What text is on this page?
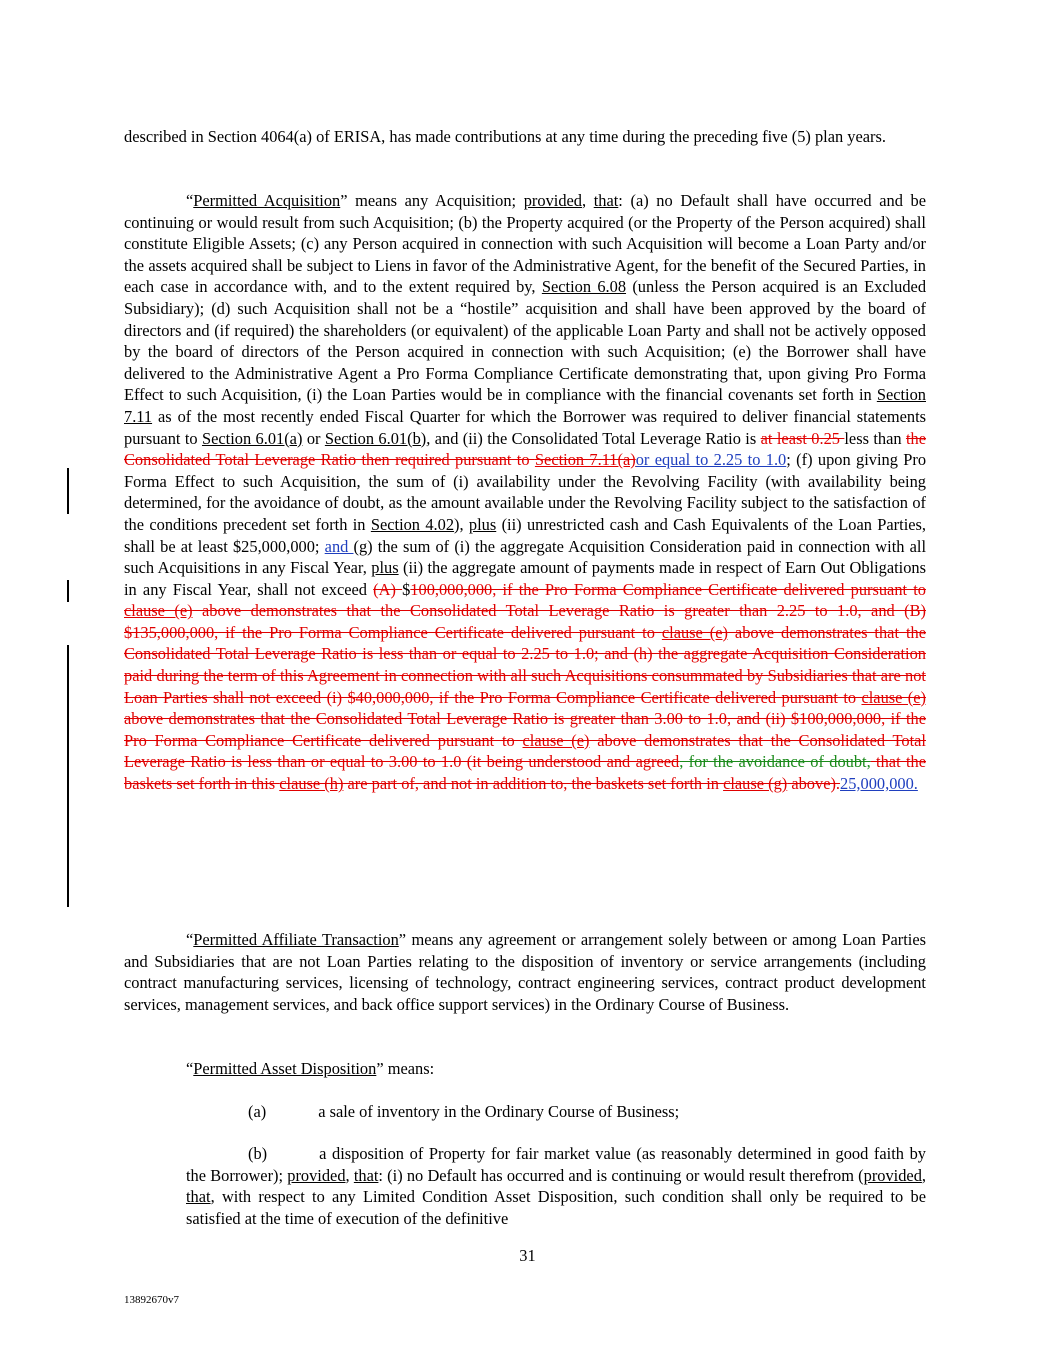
described in Section 4064(a) of ERISA, has made contributions at any time during the preceding five (5) plan years.

“Permitted Acquisition” means any Acquisition; provided, that: (a) no Default shall have occurred and be continuing or would result from such Acquisition; (b) the Property acquired (or the Property of the Person acquired) shall constitute Eligible Assets; (c) any Person acquired in connection with such Acquisition will become a Loan Party and/or the assets acquired shall be subject to Liens in favor of the Administrative Agent, for the benefit of the Secured Parties, in each case in accordance with, and to the extent required by, Section 6.08 (unless the Person acquired is an Excluded Subsidiary); (d) such Acquisition shall not be a “hostile” acquisition and shall have been approved by the board of directors and (if required) the shareholders (or equivalent) of the applicable Loan Party and shall not be actively opposed by the board of directors of the Person acquired in connection with such Acquisition; (e) the Borrower shall have delivered to the Administrative Agent a Pro Forma Compliance Certificate demonstrating that, upon giving Pro Forma Effect to such Acquisition, (i) the Loan Parties would be in compliance with the financial covenants set forth in Section 7.11 as of the most recently ended Fiscal Quarter for which the Borrower was required to deliver financial statements pursuant to Section 6.01(a) or Section 6.01(b), and (ii) the Consolidated Total Leverage Ratio is at least 0.25 less than the Consolidated Total Leverage Ratio then required pursuant to Section 7.11(a)or equal to 2.25 to 1.0; (f) upon giving Pro Forma Effect to such Acquisition, the sum of (i) availability under the Revolving Facility (with availability being determined, for the avoidance of doubt, as the amount available under the Revolving Facility subject to the satisfaction of the conditions precedent set forth in Section 4.02), plus (ii) unrestricted cash and Cash Equivalents of the Loan Parties, shall be at least $25,000,000; and (g) the sum of (i) the aggregate Acquisition Consideration paid in connection with all such Acquisitions in any Fiscal Year, plus (ii) the aggregate amount of payments made in respect of Earn Out Obligations in any Fiscal Year, shall not exceed (A) $100,000,000, if the Pro Forma Compliance Certificate delivered pursuant to clause (e) above demonstrates that the Consolidated Total Leverage Ratio is greater than 2.25 to 1.0, and (B) $135,000,000, if the Pro Forma Compliance Certificate delivered pursuant to clause (e) above demonstrates that the Consolidated Total Leverage Ratio is less than or equal to 2.25 to 1.0; and (h) the aggregate Acquisition Consideration paid during the term of this Agreement in connection with all such Acquisitions consummated by Subsidiaries that are not Loan Parties shall not exceed (i) $40,000,000, if the Pro Forma Compliance Certificate delivered pursuant to clause (e) above demonstrates that the Consolidated Total Leverage Ratio is greater than 3.00 to 1.0, and (ii) $100,000,000, if the Pro Forma Compliance Certificate delivered pursuant to clause (e) above demonstrates that the Consolidated Total Leverage Ratio is less than or equal to 3.00 to 1.0 (it being understood and agreed, for the avoidance of doubt, that the baskets set forth in this clause (h) are part of, and not in addition to, the baskets set forth in clause (g) above).25,000,000.

“Permitted Affiliate Transaction” means any agreement or arrangement solely between or among Loan Parties and Subsidiaries that are not Loan Parties relating to the disposition of inventory or service arrangements (including contract manufacturing services, licensing of technology, contract engineering services, contract product development services, management services, and back office support services) in the Ordinary Course of Business.

“Permitted Asset Disposition” means:

(a)	a sale of inventory in the Ordinary Course of Business;

(b)	a disposition of Property for fair market value (as reasonably determined in good faith by the Borrower); provided, that: (i) no Default has occurred and is continuing or would result therefrom (provided, that, with respect to any Limited Condition Asset Disposition, such condition shall only be required to be satisfied at the time of execution of the definitive

31
13892670v7
